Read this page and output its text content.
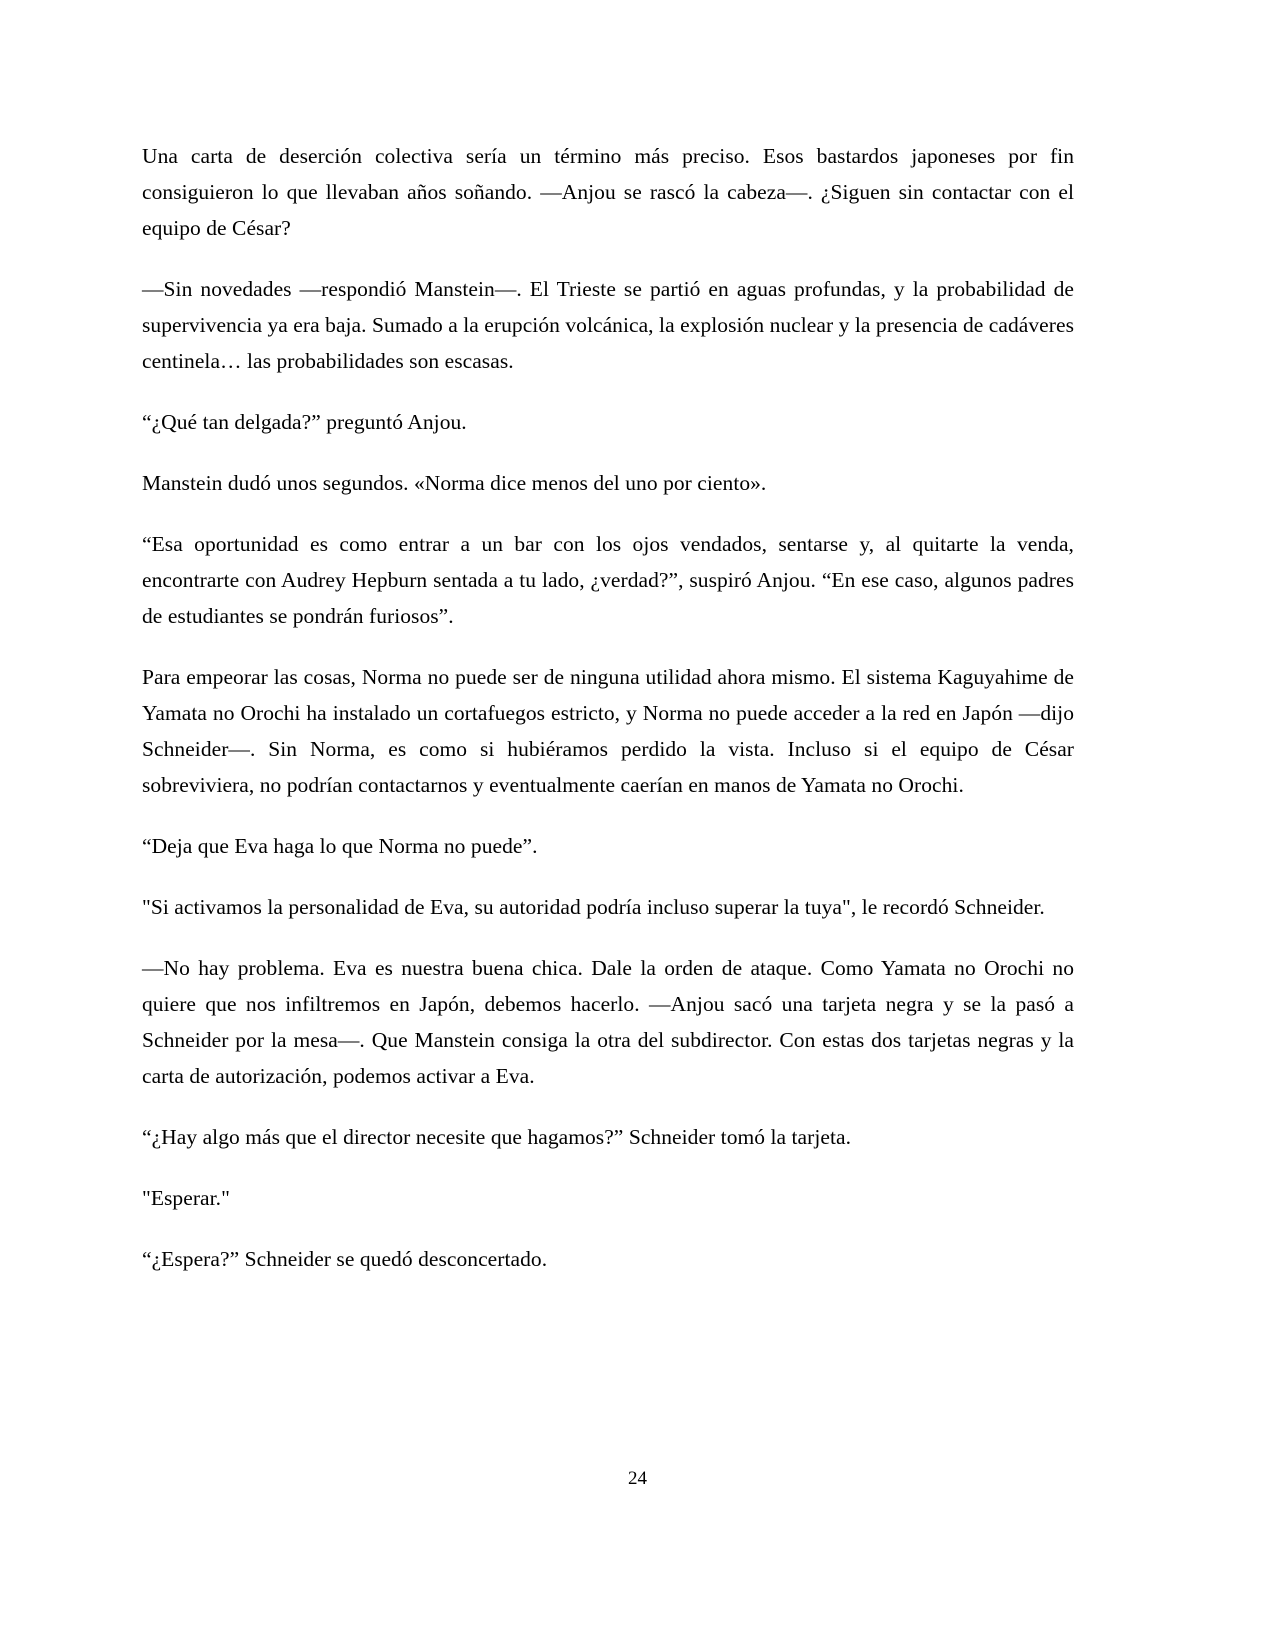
Una carta de deserción colectiva sería un término más preciso. Esos bastardos japoneses por fin consiguieron lo que llevaban años soñando. —Anjou se rascó la cabeza—. ¿Siguen sin contactar con el equipo de César?

—Sin novedades —respondió Manstein—. El Trieste se partió en aguas profundas, y la probabilidad de supervivencia ya era baja. Sumado a la erupción volcánica, la explosión nuclear y la presencia de cadáveres centinela… las probabilidades son escasas.

“¿Qué tan delgada?” preguntó Anjou.

Manstein dudó unos segundos. «Norma dice menos del uno por ciento».

“Esa oportunidad es como entrar a un bar con los ojos vendados, sentarse y, al quitarte la venda, encontrarte con Audrey Hepburn sentada a tu lado, ¿verdad?”, suspiró Anjou. “En ese caso, algunos padres de estudiantes se pondrán furiosos”.

Para empeorar las cosas, Norma no puede ser de ninguna utilidad ahora mismo. El sistema Kaguyahime de Yamata no Orochi ha instalado un cortafuegos estricto, y Norma no puede acceder a la red en Japón —dijo Schneider—. Sin Norma, es como si hubiéramos perdido la vista. Incluso si el equipo de César sobreviviera, no podrían contactarnos y eventualmente caerían en manos de Yamata no Orochi.

“Deja que Eva haga lo que Norma no puede”.

"Si activamos la personalidad de Eva, su autoridad podría incluso superar la tuya", le recordó Schneider.

—No hay problema. Eva es nuestra buena chica. Dale la orden de ataque. Como Yamata no Orochi no quiere que nos infiltremos en Japón, debemos hacerlo. —Anjou sacó una tarjeta negra y se la pasó a Schneider por la mesa—. Que Manstein consiga la otra del subdirector. Con estas dos tarjetas negras y la carta de autorización, podemos activar a Eva.

“¿Hay algo más que el director necesite que hagamos?” Schneider tomó la tarjeta.

"Esperar."

“¿Espera?” Schneider se quedó desconcertado.

24
